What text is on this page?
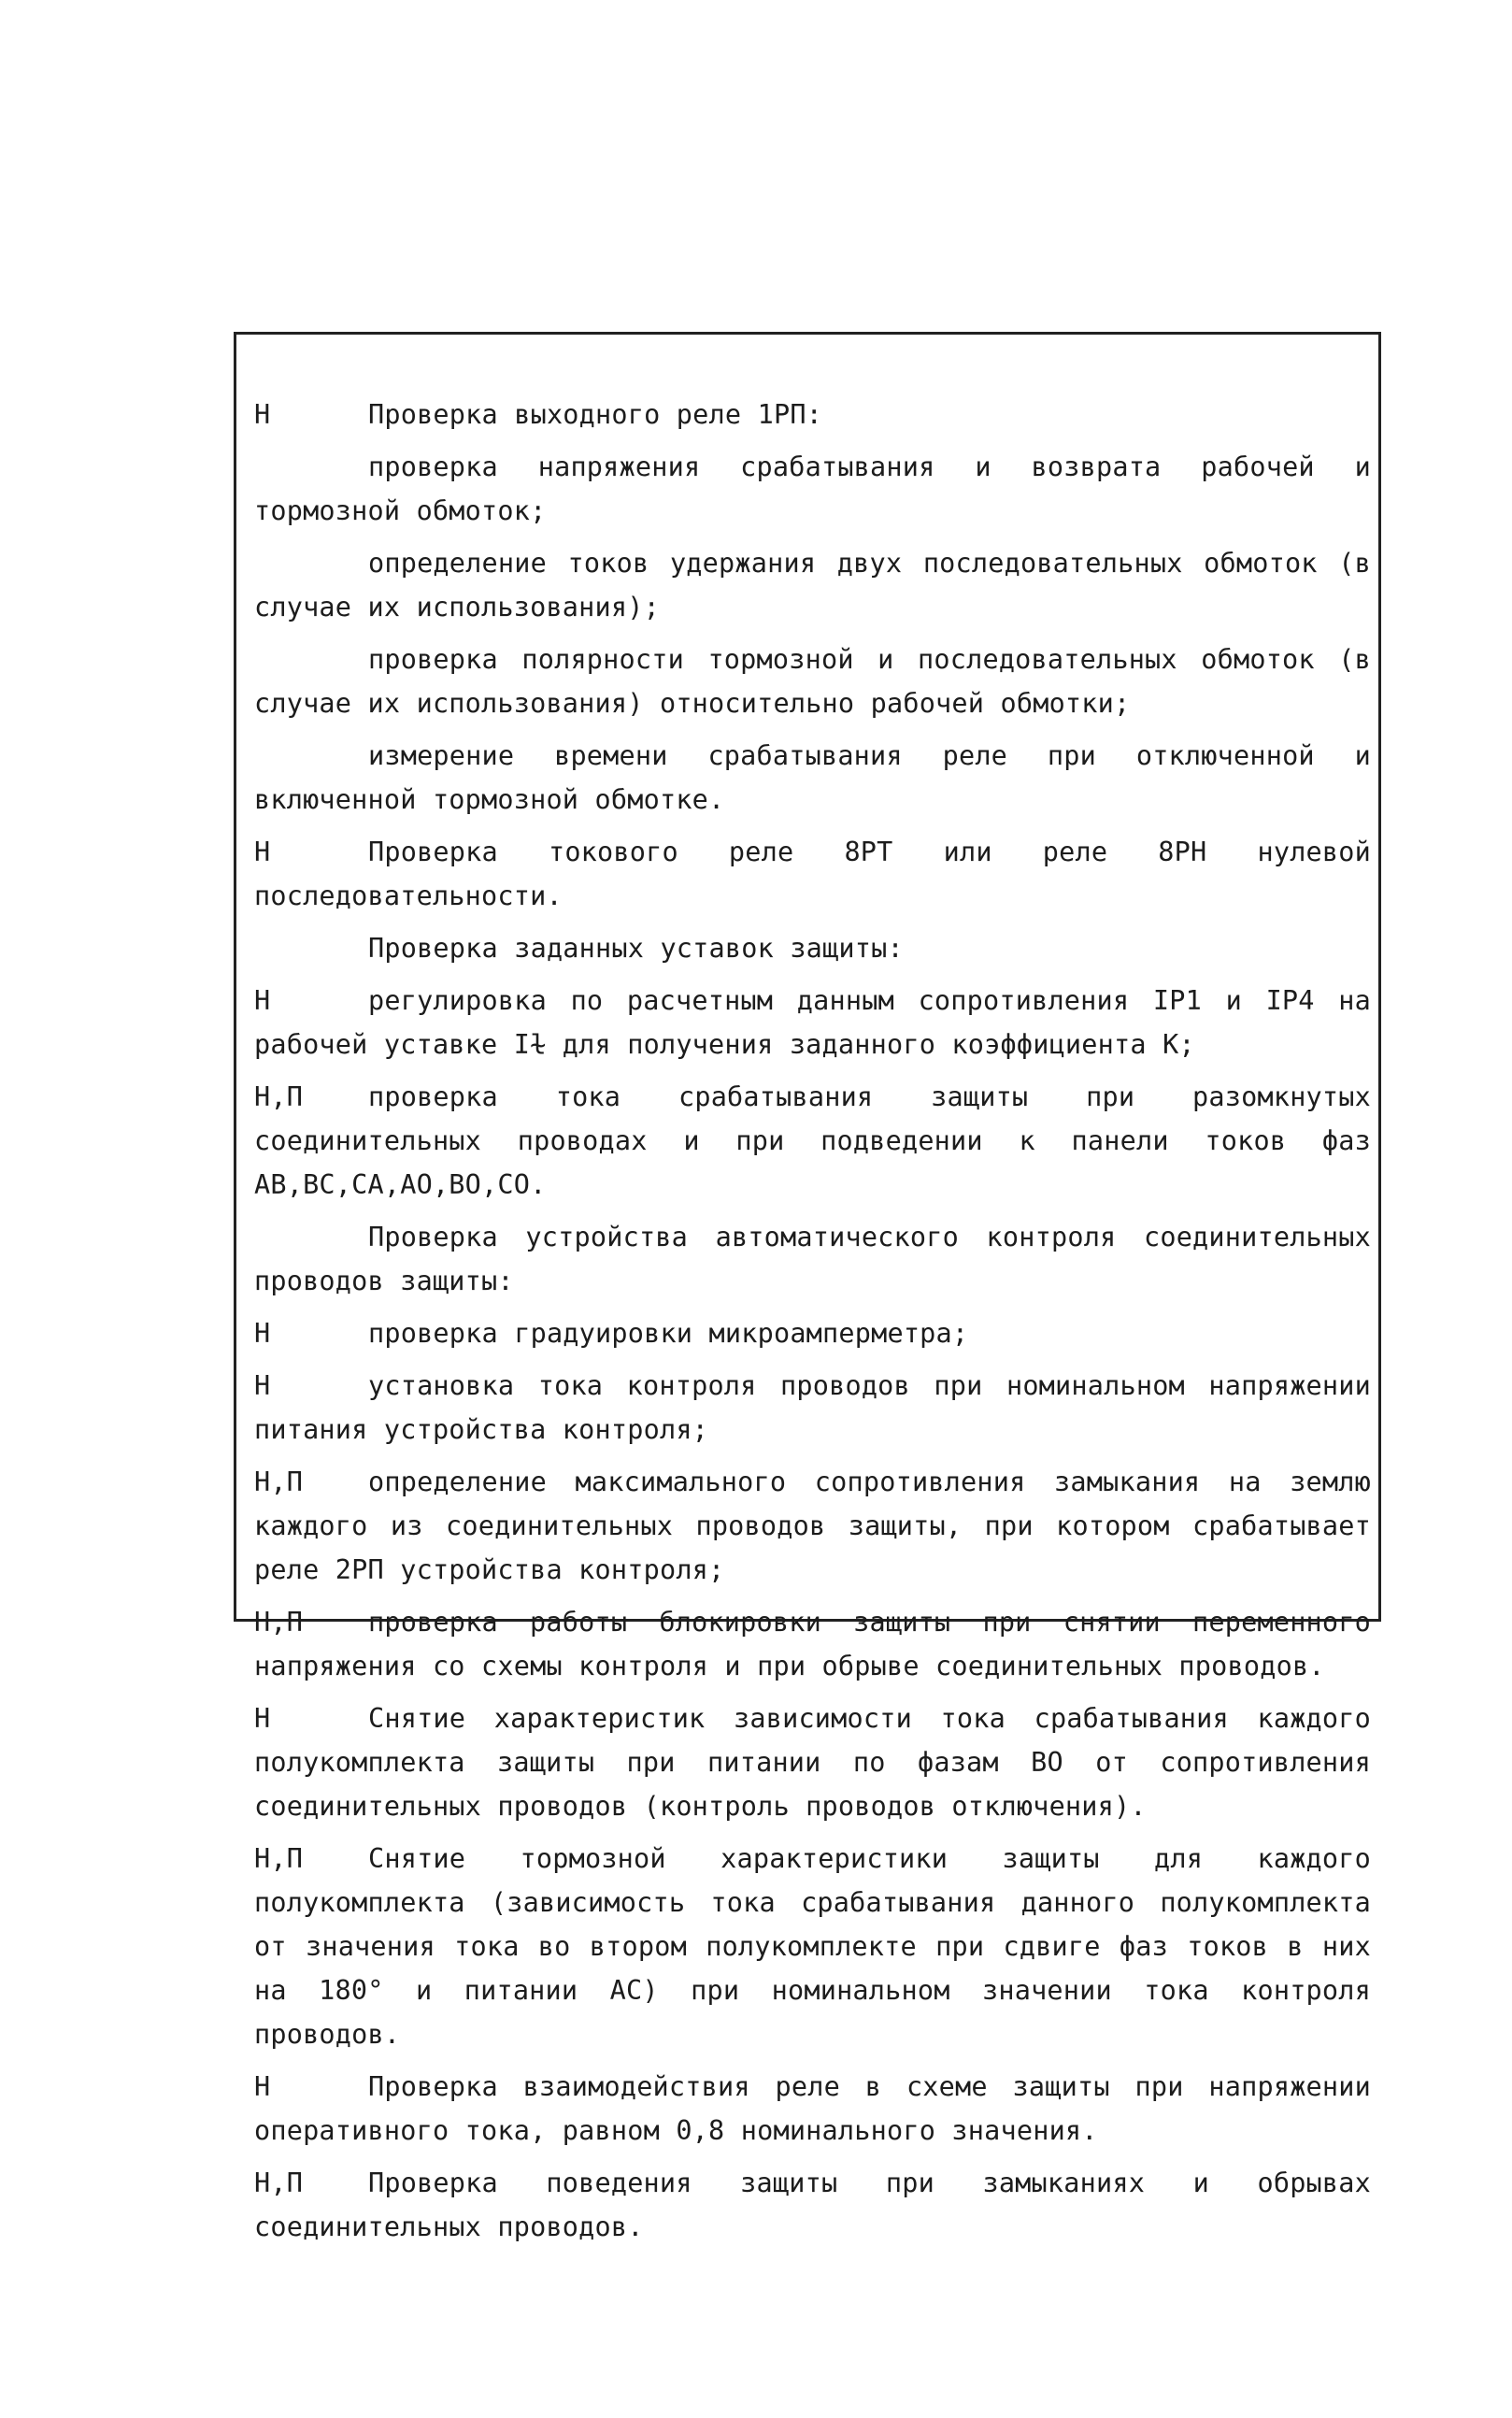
Н	Проверка выходного реле 1РП:
проверка напряжения срабатывания и возврата рабочей и тормозной обмоток;
определение токов удержания двух последовательных обмоток (в случае их использования);
проверка полярности тормозной и последовательных обмоток (в случае их использования) относительно рабочей обмотки;
измерение времени срабатывания реле при отключенной и включенной тормозной обмотке.
Н	Проверка токового реле 8РТ или реле 8РН нулевой последовательности.
Проверка заданных уставок защиты:
Н	регулировка по расчетным данным сопротивления IР1 и IР4 на рабочей уставке Iɫ для получения заданного коэффициента К;
Н,П	проверка тока срабатывания защиты при разомкнутых соединительных проводах и при подведении к панели токов фаз АВ,ВС,СА,АО,ВО,СО.
Проверка устройства автоматического контроля соединительных проводов защиты:
Н	проверка градуировки микроамперметра;
Н	установка тока контроля проводов при номинальном напряжении питания устройства контроля;
Н,П	определение максимального сопротивления замыкания на землю каждого из соединительных проводов защиты, при котором срабатывает реле 2РП устройства контроля;
Н,П	проверка работы блокировки защиты при снятии переменного напряжения со схемы контроля и при обрыве соединительных проводов.
Н	Снятие характеристик зависимости тока срабатывания каждого полукомплекта защиты при питании по фазам ВО от сопротивления соединительных проводов (контроль проводов отключения).
Н,П	Снятие тормозной характеристики защиты для каждого полукомплекта (зависимость тока срабатывания данного полукомплекта от значения тока во втором полукомплекте при сдвиге фаз токов в них на 180° и питании АС) при номинальном значении тока контроля проводов.
Н	Проверка взаимодействия реле в схеме защиты при напряжении оперативного тока, равном 0,8 номинального значения.
Н,П	Проверка поведения защиты при замыканиях и обрывах соединительных проводов.
